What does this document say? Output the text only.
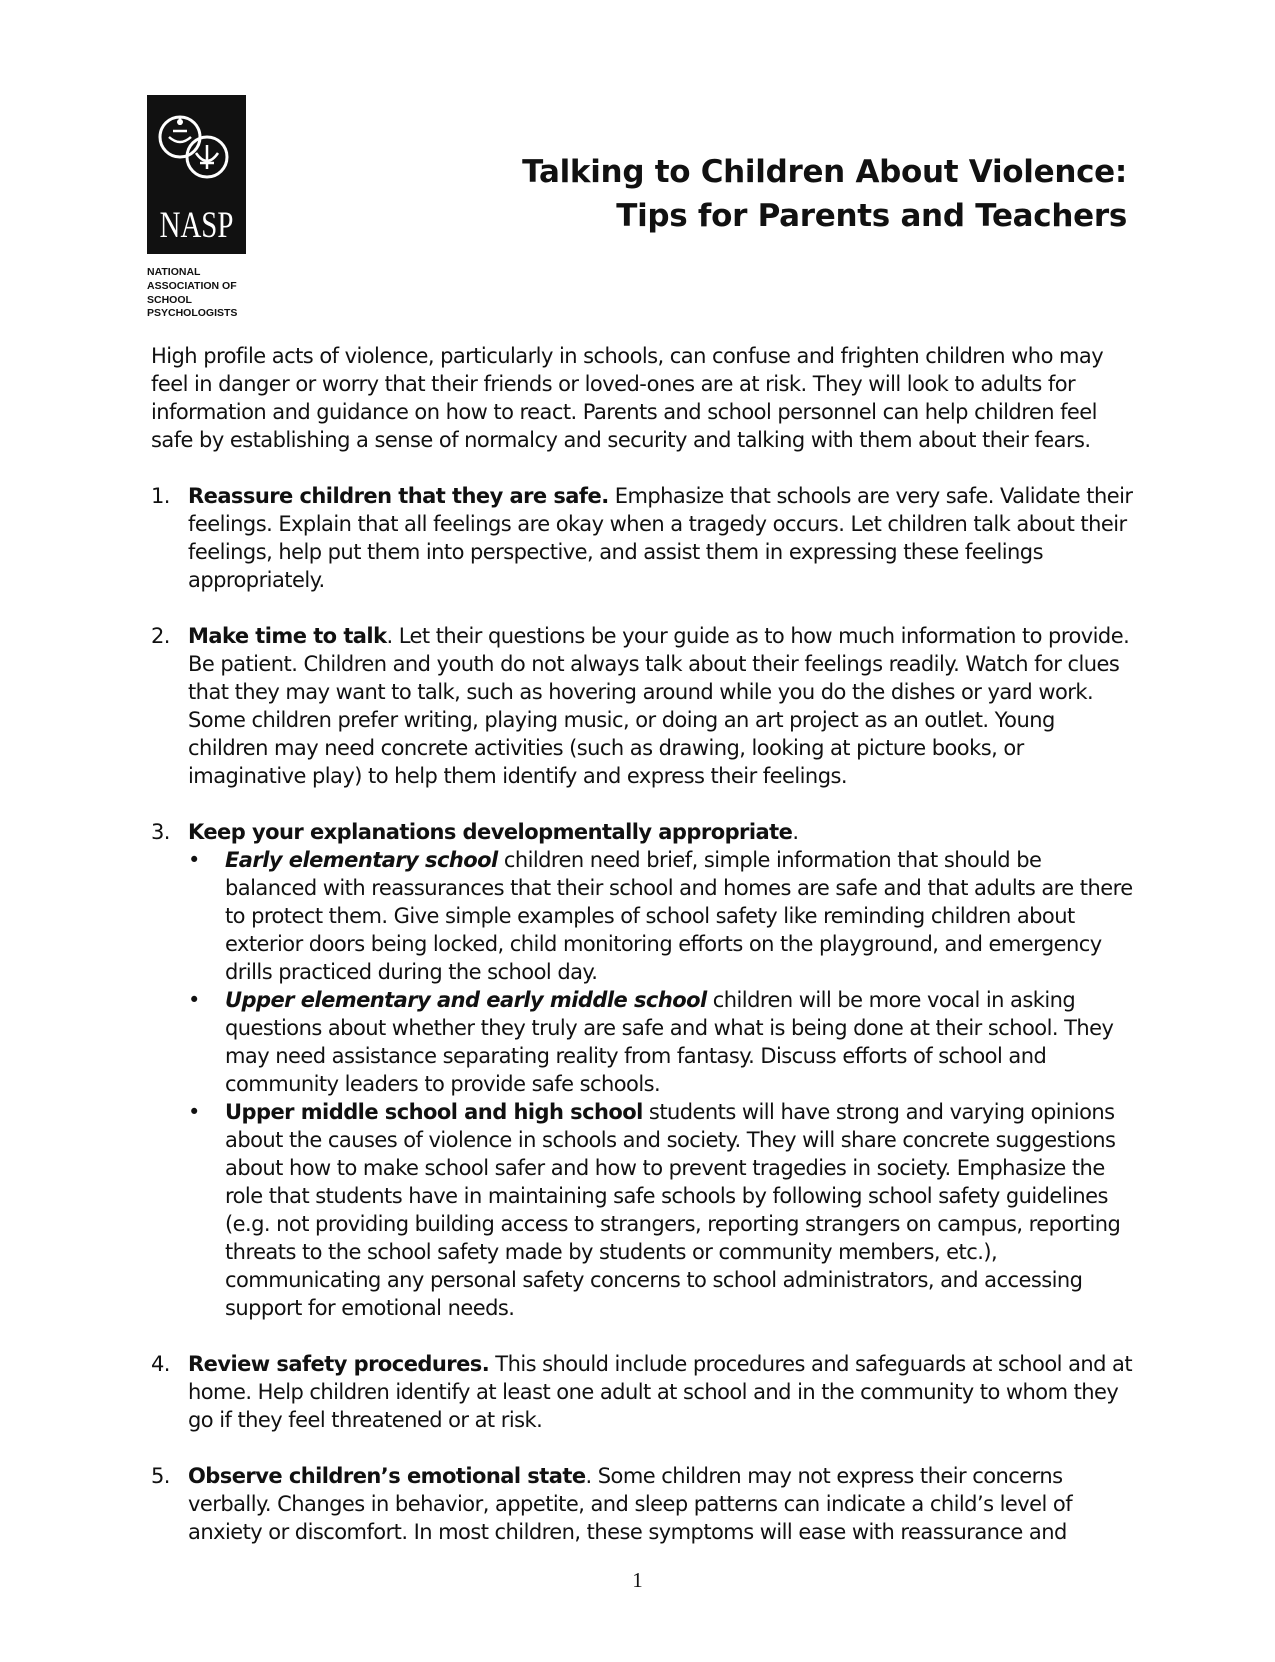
NASP
NATIONAL
ASSOCIATION OF
SCHOOL
PSYCHOLOGISTS
Talking to Children About Violence:
Tips for Parents and Teachers

High profile acts of violence, particularly in schools, can confuse and frighten children who may feel in danger or worry that their friends or loved-ones are at risk. They will look to adults for information and guidance on how to react. Parents and school personnel can help children feel safe by establishing a sense of normalcy and security and talking with them about their fears.

1. Reassure children that they are safe. Emphasize that schools are very safe. Validate their feelings. Explain that all feelings are okay when a tragedy occurs. Let children talk about their feelings, help put them into perspective, and assist them in expressing these feelings appropriately.
2. Make time to talk. Let their questions be your guide as to how much information to provide. Be patient. Children and youth do not always talk about their feelings readily. Watch for clues that they may want to talk, such as hovering around while you do the dishes or yard work. Some children prefer writing, playing music, or doing an art project as an outlet. Young children may need concrete activities (such as drawing, looking at picture books, or imaginative play) to help them identify and express their feelings.
3. Keep your explanations developmentally appropriate.
•	Early elementary school children need brief, simple information that should be balanced with reassurances that their school and homes are safe and that adults are there to protect them. Give simple examples of school safety like reminding children about exterior doors being locked, child monitoring efforts on the playground, and emergency drills practiced during the school day.
•	Upper elementary and early middle school children will be more vocal in asking questions about whether they truly are safe and what is being done at their school. They may need assistance separating reality from fantasy. Discuss efforts of school and community leaders to provide safe schools.
•	Upper middle school and high school students will have strong and varying opinions about the causes of violence in schools and society. They will share concrete suggestions about how to make school safer and how to prevent tragedies in society. Emphasize the role that students have in maintaining safe schools by following school safety guidelines (e.g. not providing building access to strangers, reporting strangers on campus, reporting threats to the school safety made by students or community members, etc.), communicating any personal safety concerns to school administrators, and accessing support for emotional needs.
4. Review safety procedures. This should include procedures and safeguards at school and at home. Help children identify at least one adult at school and in the community to whom they go if they feel threatened or at risk.
5. Observe children’s emotional state. Some children may not express their concerns verbally. Changes in behavior, appetite, and sleep patterns can indicate a child’s level of anxiety or discomfort. In most children, these symptoms will ease with reassurance and
1
